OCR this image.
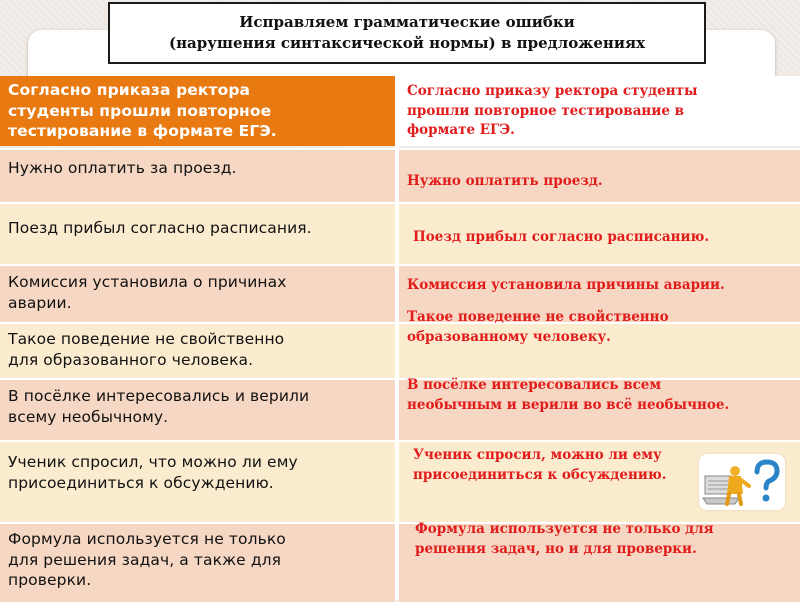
Исправляем грамматические ошибки
(нарушения синтаксической нормы) в предложениях
Согласно приказа ректора
студенты прошли повторное
тестирование в формате ЕГЭ.
Согласно приказу ректора студенты
прошли повторное тестирование в
формате ЕГЭ.
Нужно оплатить за проезд.
Нужно оплатить проезд.
Поезд прибыл согласно расписания.	Поезд прибыл согласно расписанию.
Комиссия установила о причинах
аварии.
Комиссия установила причины аварии.
Такое поведение не свойственно
для образованного человека.
Такое поведение не свойственно
образованному человеку.
В посёлке интересовались и верили
всему необычному.
В посёлке интересовались всем
необычным и верили во всё необычное.
Ученик спросил, что можно ли ему
присоединиться к обсуждению.
Ученик спросил, можно ли ему
присоединиться к обсуждению.
Формула используется не только
для решения задач, а также для
проверки.
Формула используется не только для
решения задач, но и для проверки.
